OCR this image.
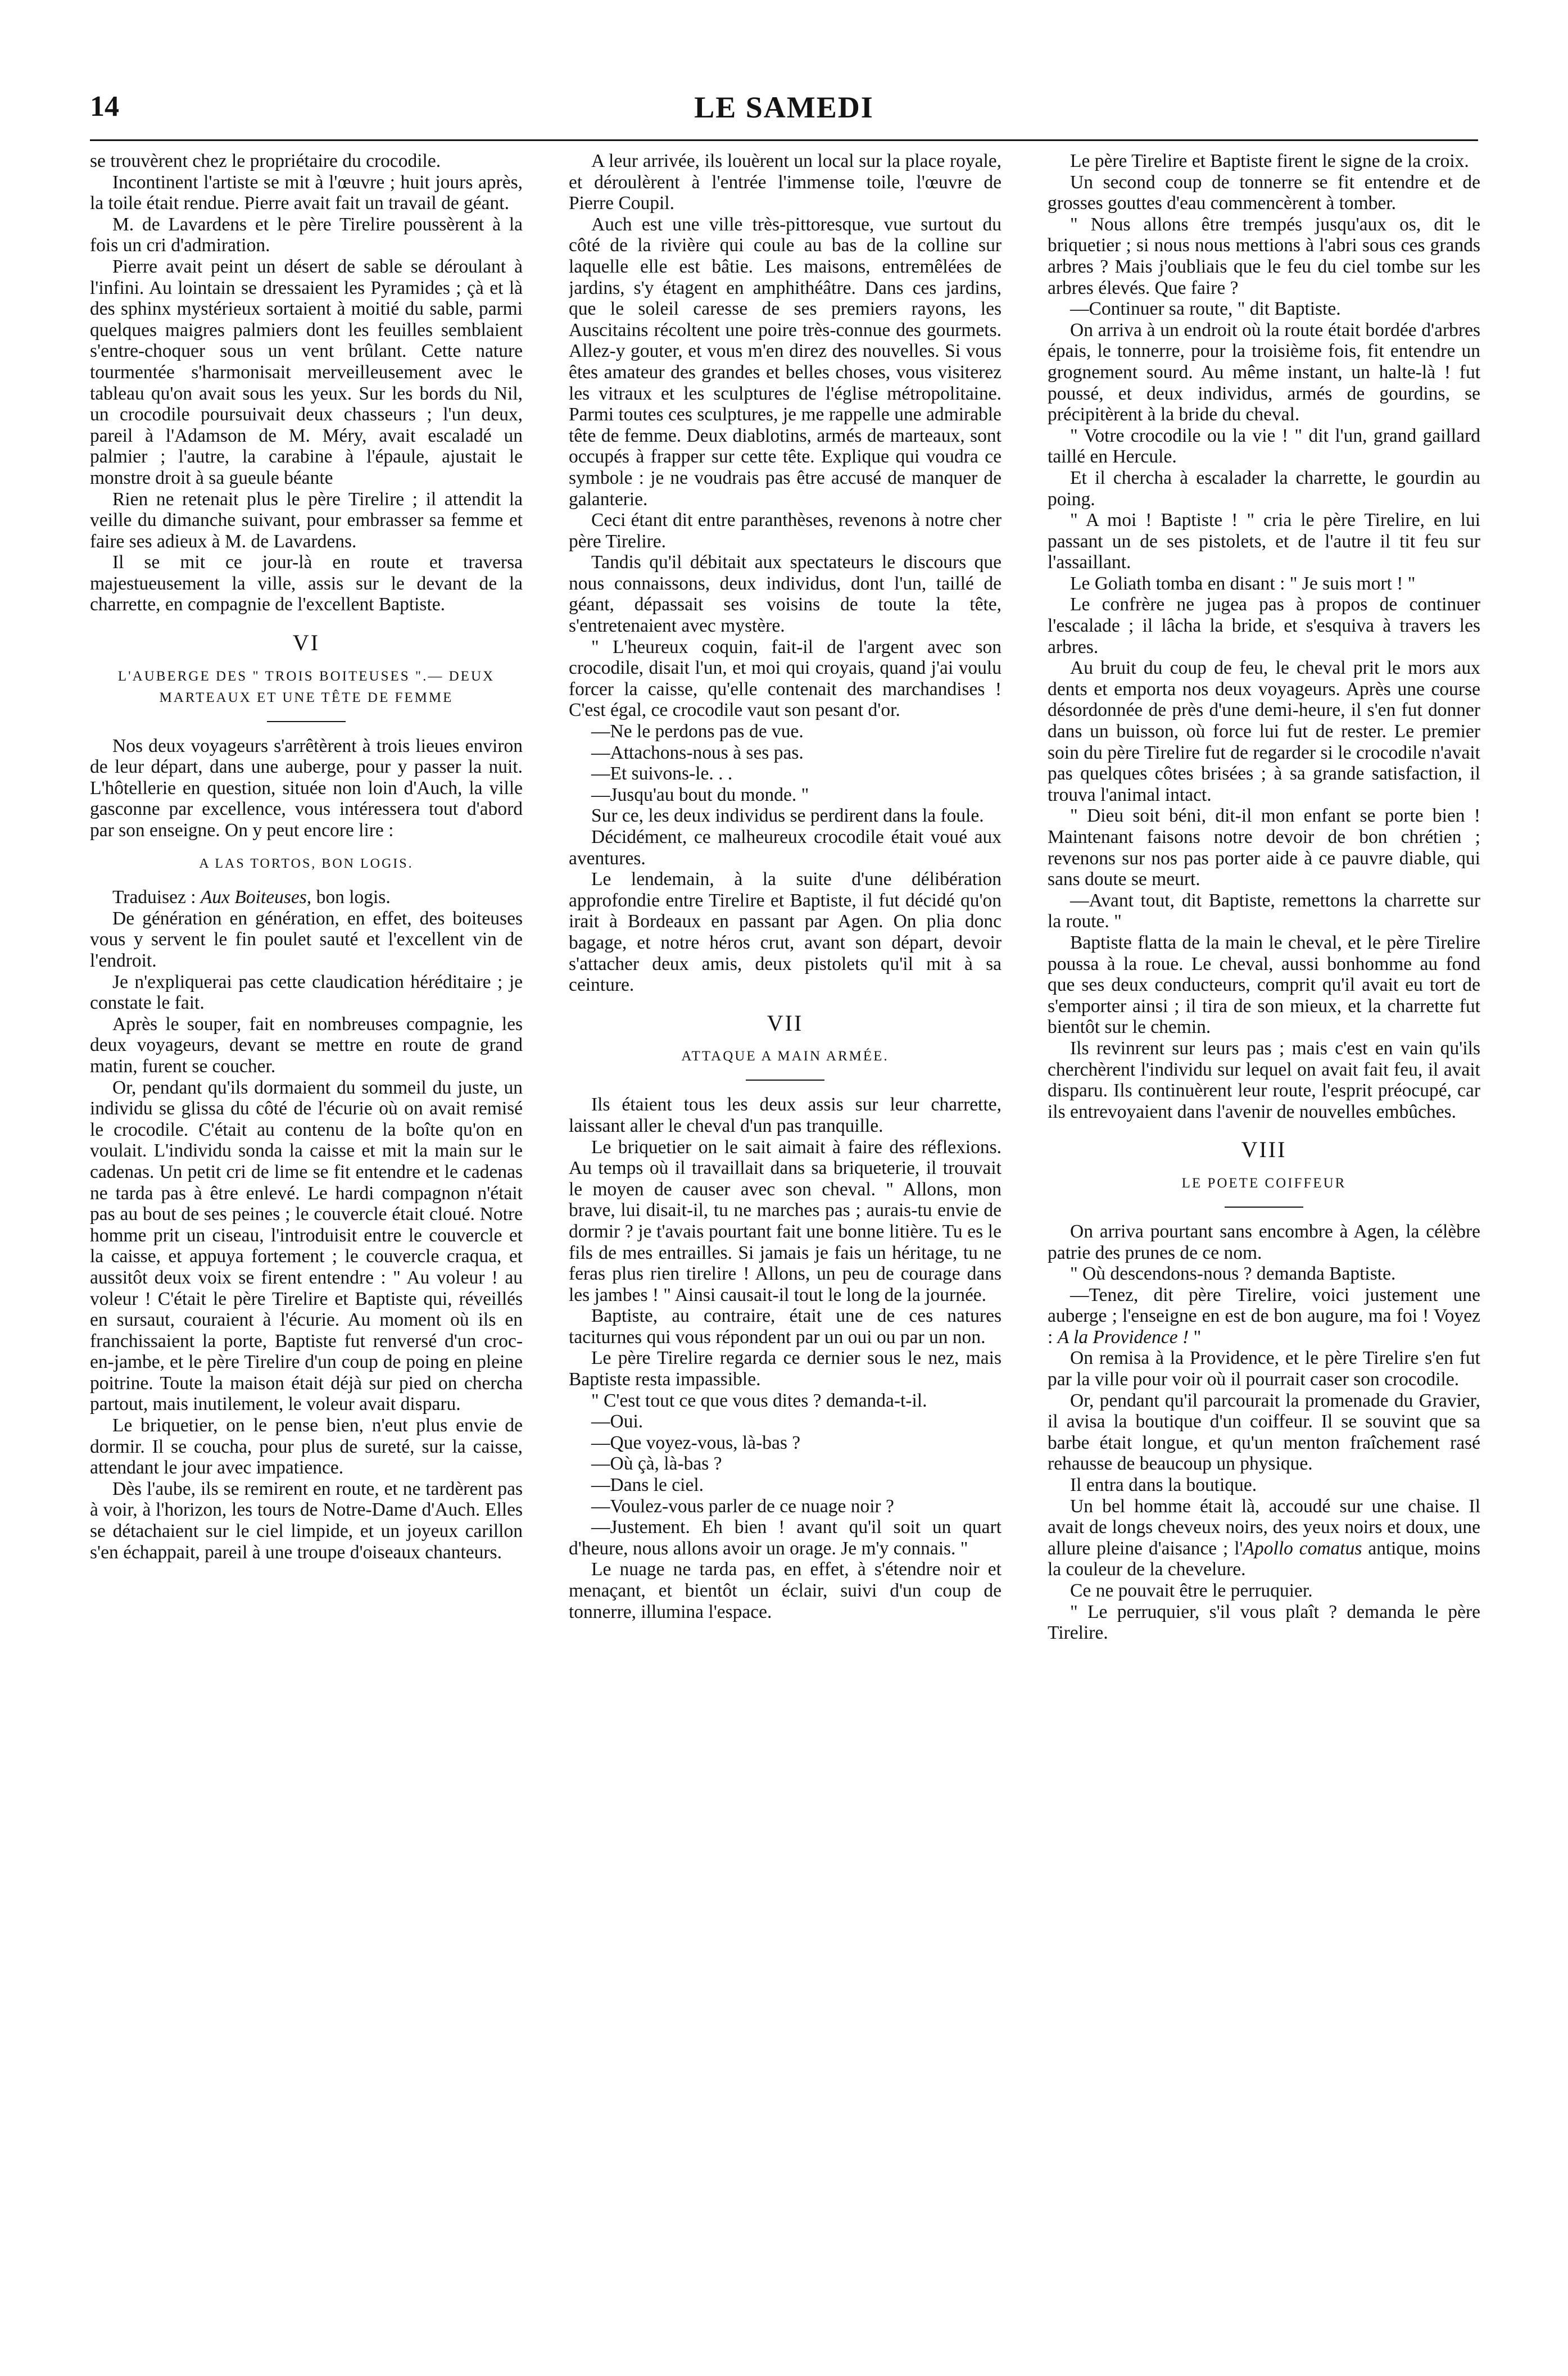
14	LE SAMEDI

se trouvèrent chez le propriétaire du crocodile.

Incontinent l'artiste se mit à l'œuvre ; huit jours après, la toile était rendue. Pierre avait fait un travail de géant.

M. de Lavardens et le père Tirelire poussèrent à la fois un cri d'admiration.

Pierre avait peint un désert de sable se déroulant à l'infini. Au lointain se dressaient les Pyramides ; çà et là des sphinx mystérieux sortaient à moitié du sable, parmi quelques maigres palmiers dont les feuilles semblaient s'entre-choquer sous un vent brûlant. Cette nature tourmentée s'harmonisait merveilleusement avec le tableau qu'on avait sous les yeux. Sur les bords du Nil, un crocodile poursuivait deux chasseurs ; l'un deux, pareil à l'Adamson de M. Méry, avait escaladé un palmier ; l'autre, la carabine à l'épaule, ajustait le monstre droit à sa gueule béante

Rien ne retenait plus le père Tirelire ; il attendit la veille du dimanche suivant, pour embrasser sa femme et faire ses adieux à M. de Lavardens.

Il se mit ce jour-là en route et traversa majestueusement la ville, assis sur le devant de la charrette, en compagnie de l'excellent Baptiste.

VI
L'AUBERGE DES " TROIS BOITEUSES ".— DEUX MARTEAUX ET UNE TÊTE DE FEMME

Nos deux voyageurs s'arrêtèrent à trois lieues environ de leur départ, dans une auberge, pour y passer la nuit. L'hôtellerie en question, située non loin d'Auch, la ville gasconne par excellence, vous intéressera tout d'abord par son enseigne. On y peut encore lire :

A LAS TORTOS, BON LOGIS.

Traduisez : Aux Boiteuses, bon logis.

De génération en génération, en effet, des boiteuses vous y servent le fin poulet sauté et l'excellent vin de l'endroit.

Je n'expliquerai pas cette claudication héréditaire ; je constate le fait.

Après le souper, fait en nombreuses compagnie, les deux voyageurs, devant se mettre en route de grand matin, furent se coucher.

Or, pendant qu'ils dormaient du sommeil du juste, un individu se glissa du côté de l'écurie où on avait remisé le crocodile. C'était au contenu de la boîte qu'on en voulait. L'individu sonda la caisse et mit la main sur le cadenas. Un petit cri de lime se fit entendre et le cadenas ne tarda pas à être enlevé. Le hardi compagnon n'était pas au bout de ses peines ; le couvercle était cloué. Notre homme prit un ciseau, l'introduisit entre le couvercle et la caisse, et appuya fortement ; le couvercle craqua, et aussitôt deux voix se firent entendre : " Au voleur ! au voleur ! C'était le père Tirelire et Baptiste qui, réveillés en sursaut, couraient à l'écurie. Au moment où ils en franchissaient la porte, Baptiste fut renversé d'un croc-en-jambe, et le père Tirelire d'un coup de poing en pleine poitrine. Toute la maison était déjà sur pied on chercha partout, mais inutilement, le voleur avait disparu.

Le briquetier, on le pense bien, n'eut plus envie de dormir. Il se coucha, pour plus de sureté, sur la caisse, attendant le jour avec impatience.

Dès l'aube, ils se remirent en route, et ne tardèrent pas à voir, à l'horizon, les tours de Notre-Dame d'Auch. Elles se détachaient sur le ciel limpide, et un joyeux carillon s'en échappait, pareil à une troupe d'oiseaux chanteurs.

A leur arrivée, ils louèrent un local sur la place royale, et déroulèrent à l'entrée l'immense toile, l'œuvre de Pierre Coupil.

Auch est une ville très-pittoresque, vue surtout du côté de la rivière qui coule au bas de la colline sur laquelle elle est bâtie. Les maisons, entremêlées de jardins, s'y étagent en amphithéâtre. Dans ces jardins, que le soleil caresse de ses premiers rayons, les Auscitains récoltent une poire très-connue des gourmets. Allez-y gouter, et vous m'en direz des nouvelles. Si vous êtes amateur des grandes et belles choses, vous visiterez les vitraux et les sculptures de l'église métropolitaine. Parmi toutes ces sculptures, je me rappelle une admirable tête de femme. Deux diablotins, armés de marteaux, sont occupés à frapper sur cette tête. Explique qui voudra ce symbole : je ne voudrais pas être accusé de manquer de galanterie.

Ceci étant dit entre paranthèses, revenons à notre cher père Tirelire.

Tandis qu'il débitait aux spectateurs le discours que nous connaissons, deux individus, dont l'un, taillé de géant, dépassait ses voisins de toute la tête, s'entretenaient avec mystère.

" L'heureux coquin, fait-il de l'argent avec son crocodile, disait l'un, et moi qui croyais, quand j'ai voulu forcer la caisse, qu'elle contenait des marchandises ! C'est égal, ce crocodile vaut son pesant d'or.

—Ne le perdons pas de vue.

—Attachons-nous à ses pas.

—Et suivons-le. . .

—Jusqu'au bout du monde. "

Sur ce, les deux individus se perdirent dans la foule.

Décidément, ce malheureux crocodile était voué aux aventures.

Le lendemain, à la suite d'une délibération approfondie entre Tirelire et Baptiste, il fut décidé qu'on irait à Bordeaux en passant par Agen. On plia donc bagage, et notre héros crut, avant son départ, devoir s'attacher deux amis, deux pistolets qu'il mit à sa ceinture.

VII
ATTAQUE A MAIN ARMÉE.

Ils étaient tous les deux assis sur leur charrette, laissant aller le cheval d'un pas tranquille.

Le briquetier on le sait aimait à faire des réflexions. Au temps où il travaillait dans sa briqueterie, il trouvait le moyen de causer avec son cheval. " Allons, mon brave, lui disait-il, tu ne marches pas ; aurais-tu envie de dormir ? je t'avais pourtant fait une bonne litière. Tu es le fils de mes entrailles. Si jamais je fais un héritage, tu ne feras plus rien tirelire ! Allons, un peu de courage dans les jambes ! " Ainsi causait-il tout le long de la journée.

Baptiste, au contraire, était une de ces natures taciturnes qui vous répondent par un oui ou par un non.

Le père Tirelire regarda ce dernier sous le nez, mais Baptiste resta impassible.

" C'est tout ce que vous dites ? demanda-t-il.

—Oui.

—Que voyez-vous, là-bas ?

—Où çà, là-bas ?

—Dans le ciel.

—Voulez-vous parler de ce nuage noir ?

—Justement. Eh bien ! avant qu'il soit un quart d'heure, nous allons avoir un orage. Je m'y connais. "

Le nuage ne tarda pas, en effet, à s'étendre noir et menaçant, et bientôt un éclair, suivi d'un coup de tonnerre, illumina l'espace.

Le père Tirelire et Baptiste firent le signe de la croix.

Un second coup de tonnerre se fit entendre et de grosses gouttes d'eau commencèrent à tomber.

" Nous allons être trempés jusqu'aux os, dit le briquetier ; si nous nous mettions à l'abri sous ces grands arbres ? Mais j'oubliais que le feu du ciel tombe sur les arbres élevés. Que faire ?

—Continuer sa route, " dit Baptiste.

On arriva à un endroit où la route était bordée d'arbres épais, le tonnerre, pour la troisième fois, fit entendre un grognement sourd. Au même instant, un halte-là ! fut poussé, et deux individus, armés de gourdins, se précipitèrent à la bride du cheval.

" Votre crocodile ou la vie ! " dit l'un, grand gaillard taillé en Hercule.

Et il chercha à escalader la charrette, le gourdin au poing.

" A moi ! Baptiste ! " cria le père Tirelire, en lui passant un de ses pistolets, et de l'autre il tit feu sur l'assaillant.

Le Goliath tomba en disant : " Je suis mort ! "

Le confrère ne jugea pas à propos de continuer l'escalade ; il lâcha la bride, et s'esquiva à travers les arbres.

Au bruit du coup de feu, le cheval prit le mors aux dents et emporta nos deux voyageurs. Après une course désordonnée de près d'une demi-heure, il s'en fut donner dans un buisson, où force lui fut de rester. Le premier soin du père Tirelire fut de regarder si le crocodile n'avait pas quelques côtes brisées ; à sa grande satisfaction, il trouva l'animal intact.

" Dieu soit béni, dit-il mon enfant se porte bien ! Maintenant faisons notre devoir de bon chrétien ; revenons sur nos pas porter aide à ce pauvre diable, qui sans doute se meurt.

—Avant tout, dit Baptiste, remettons la charrette sur la route. "

Baptiste flatta de la main le cheval, et le père Tirelire poussa à la roue. Le cheval, aussi bonhomme au fond que ses deux conducteurs, comprit qu'il avait eu tort de s'emporter ainsi ; il tira de son mieux, et la charrette fut bientôt sur le chemin.

Ils revinrent sur leurs pas ; mais c'est en vain qu'ils cherchèrent l'individu sur lequel on avait fait feu, il avait disparu. Ils continuèrent leur route, l'esprit préocupé, car ils entrevoyaient dans l'avenir de nouvelles embûches.

VIII
LE POETE COIFFEUR

On arriva pourtant sans encombre à Agen, la célèbre patrie des prunes de ce nom.

" Où descendons-nous ? demanda Baptiste.

—Tenez, dit père Tirelire, voici justement une auberge ; l'enseigne en est de bon augure, ma foi ! Voyez : A la Providence ! "

On remisa à la Providence, et le père Tirelire s'en fut par la ville pour voir où il pourrait caser son crocodile.

Or, pendant qu'il parcourait la promenade du Gravier, il avisa la boutique d'un coiffeur. Il se souvint que sa barbe était longue, et qu'un menton fraîchement rasé rehausse de beaucoup un physique.

Il entra dans la boutique.

Un bel homme était là, accoudé sur une chaise. Il avait de longs cheveux noirs, des yeux noirs et doux, une allure pleine d'aisance ; l'Apollo comatus antique, moins la couleur de la chevelure.

Ce ne pouvait être le perruquier.

" Le perruquier, s'il vous plaît ? demanda le père Tirelire.
